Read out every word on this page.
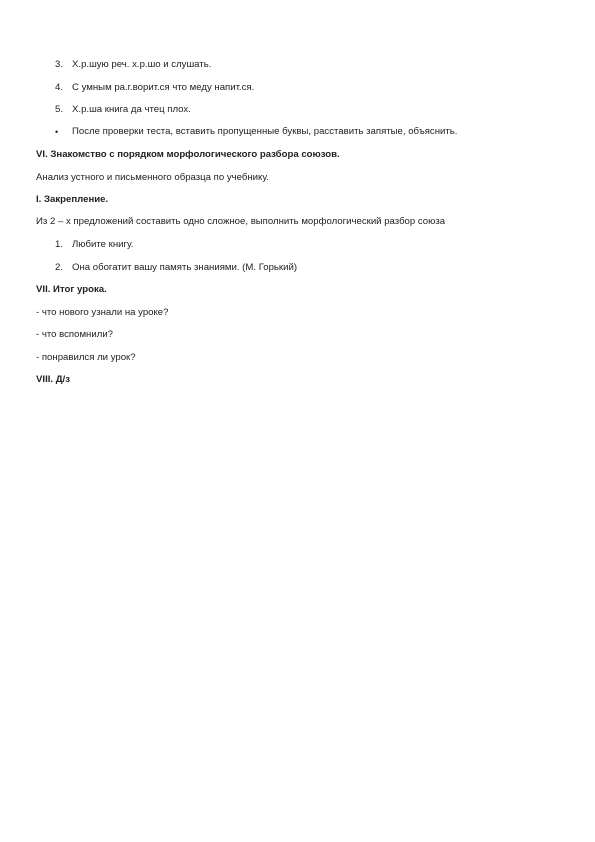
3. Х.р.шую реч. х.р.шо и слушать.
4. С умным ра.г.ворит.ся что меду напит.ся.
5. Х.р.ша книга да чтец плох.
• После проверки теста, вставить пропущенные буквы, расставить запятые, объяснить.
VI. Знакомство с порядком морфологического разбора союзов.
Анализ устного и письменного образца по учебнику.
I. Закрепление.
Из 2 – х предложений составить одно сложное, выполнить морфологический разбор союза
1. Любите книгу.
2. Она обогатит вашу память знаниями. (М. Горький)
VII. Итог урока.
- что нового узнали на уроке?
- что вспомнили?
- понравился ли урок?
VIII. Д/з
